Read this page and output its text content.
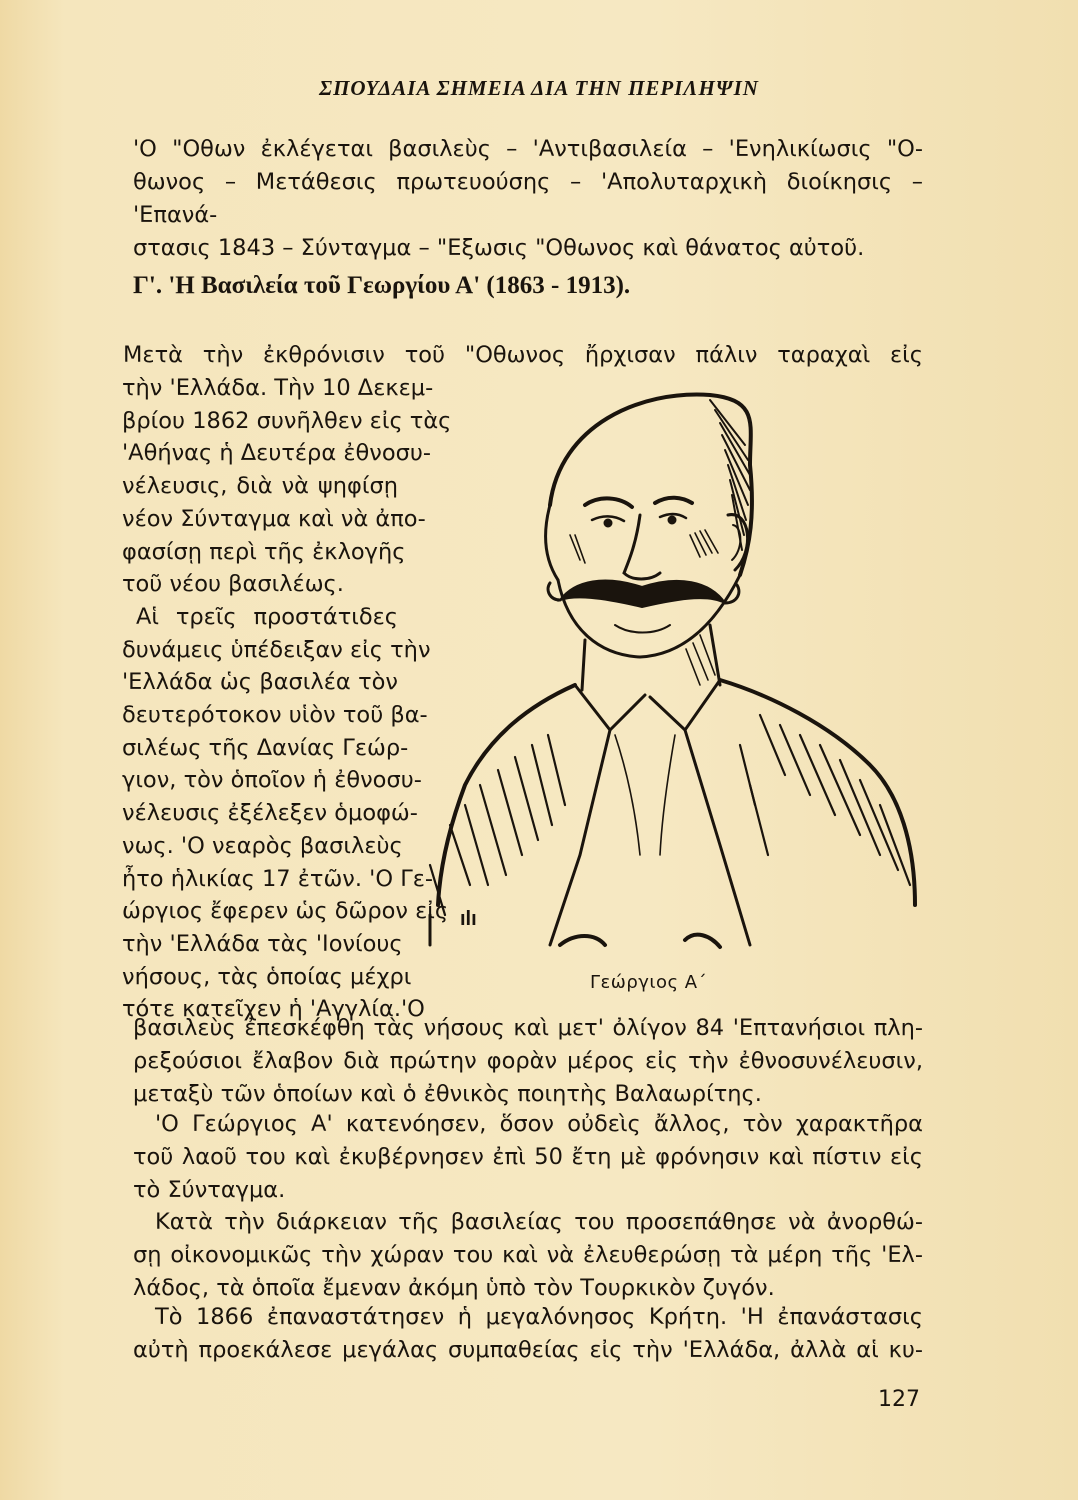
ΣΠΟΥΔΑΙΑ ΣΗΜΕΙΑ ΔΙΑ ΤΗΝ ΠΕΡΙΛΗΨΙΝ
'Ο "Οθων ἐκλέγεται βασιλεὺς – 'Αντιβασιλεία – 'Ενηλικίωσις "Ο-
θωνος – Μετάθεσις πρωτευούσης – 'Απολυταρχικὴ διοίκησις – 'Επανά-
στασις 1843 – Σύνταγμα – "Εξωσις "Οθωνος καὶ θάνατος αὐτοῦ.
Γ'. 'Η Βασιλεία τοῦ Γεωργίου Α' (1863 - 1913).
Μετὰ τὴν ἐκθρόνισιν τοῦ "Οθωνος ἤρχισαν πάλιν ταραχαὶ εἰς
τὴν 'Ελλάδα. Τὴν 10 Δεκεμ-
βρίου 1862 συνῆλθεν εἰς τὰς
'Αθήνας ἡ Δευτέρα ἐθνοσυ-
νέλευσις, διὰ νὰ ψηφίσῃ
νέον Σύνταγμα καὶ νὰ ἀπο-
φασίσῃ περὶ τῆς ἐκλογῆς
τοῦ νέου βασιλέως.
Αἱ τρεῖς προστάτιδες
δυνάμεις ὑπέδειξαν εἰς τὴν
'Ελλάδα ὡς βασιλέα τὸν
δευτερότοκον υἱὸν τοῦ βα-
σιλέως τῆς Δανίας Γεώρ-
γιον, τὸν ὁποῖον ἡ ἐθνοσυ-
νέλευσις ἐξέλεξεν ὁμοφώ-
νως. 'Ο νεαρὸς βασιλεὺς
ἦτο ἡλικίας 17 ἐτῶν. 'Ο Γε-
ώργιος ἔφερεν ὡς δῶρον εἰς
τὴν 'Ελλάδα τὰς 'Ιονίους
νήσους, τὰς ὁποίας μέχρι
τότε κατεῖχεν ἡ 'Αγγλία.'Ο
ılı
Γεώργιος Α΄
βασιλεὺς ἐπεσκέφθη τὰς νήσους καὶ μετ' ὀλίγον 84 'Επτανήσιοι πλη-
ρεξούσιοι ἔλαβον διὰ πρώτην φορὰν μέρος εἰς τὴν ἐθνοσυνέλευσιν,
μεταξὺ τῶν ὁποίων καὶ ὁ ἐθνικὸς ποιητὴς Βαλαωρίτης.
'Ο Γεώργιος Α' κατενόησεν, ὅσον οὐδεὶς ἄλλος, τὸν χαρακτῆρα
τοῦ λαοῦ του καὶ ἐκυβέρνησεν ἐπὶ 50 ἔτη μὲ φρόνησιν καὶ πίστιν εἰς
τὸ Σύνταγμα.
Κατὰ τὴν διάρκειαν τῆς βασιλείας του προσεπάθησε νὰ ἀνορθώ-
σῃ οἰκονομικῶς τὴν χώραν του καὶ νὰ ἐλευθερώσῃ τὰ μέρη τῆς 'Ελ-
λάδος, τὰ ὁποῖα ἔμεναν ἀκόμη ὑπὸ τὸν Τουρκικὸν ζυγόν.
Τὸ 1866 ἐπαναστάτησεν ἡ μεγαλόνησος Κρήτη. 'Η ἐπανάστασις
αὐτὴ προεκάλεσε μεγάλας συμπαθείας εἰς τὴν 'Ελλάδα, ἀλλὰ αἱ κυ-
127
